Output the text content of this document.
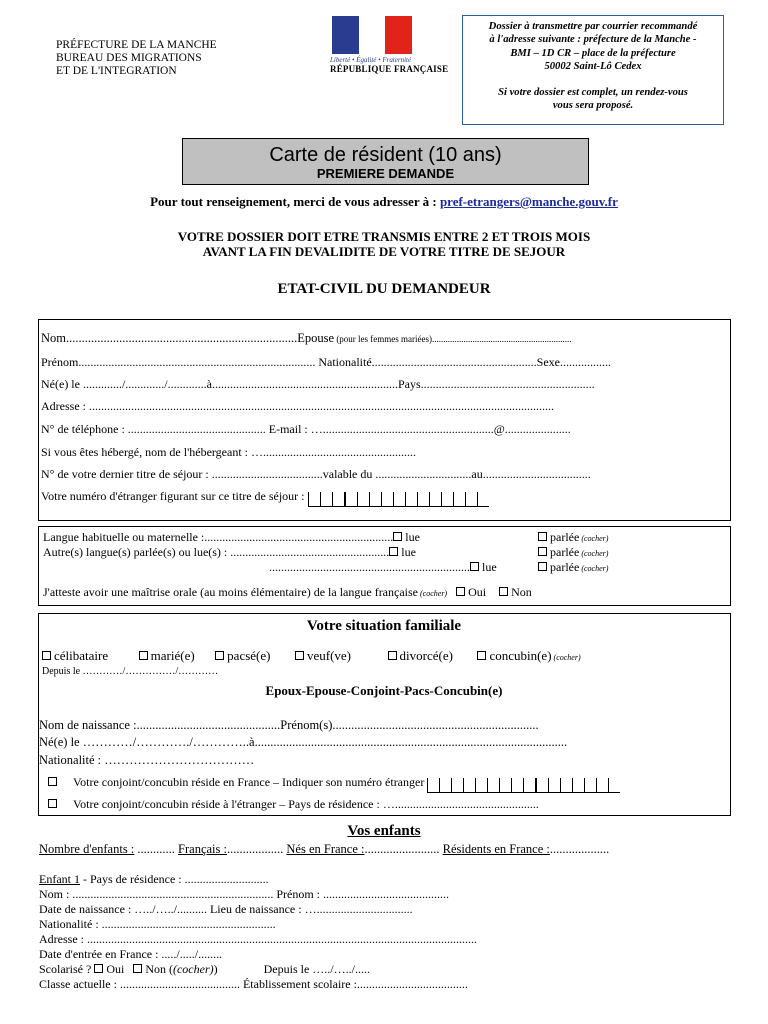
PRÉFECTURE DE LA MANCHE
BUREAU DES MIGRATIONS
ET DE L'INTEGRATION
Liberté • Égalité • Fraternité
RÉPUBLIQUE FRANÇAISE
Dossier à transmettre par courrier recommandé
à l'adresse suivante : préfecture de la Manche -
BMI – 1D CR – place de la préfecture
50002 Saint-Lô Cedex
Si votre dossier est complet, un rendez-vous
vous sera proposé.
Carte de résident (10 ans)
PREMIERE DEMANDE
Pour tout renseignement, merci de vous adresser à : pref-etrangers@manche.gouv.fr
VOTRE DOSSIER DOIT ETRE TRANSMIS ENTRE 2 ET TROIS MOIS
AVANT LA FIN DEVALIDITE DE VOTRE TITRE DE SEJOUR
ETAT-CIVIL DU DEMANDEUR
Nom..........................................................................Epouse (pour les femmes mariées)..............................................................
Prénom............................................................................... Nationalité.......................................................Sexe.................
Né(e) le ............./............./.............à..............................................................Pays..........................................................
Adresse : ...........................................................................................................................................................
N° de téléphone : .............................................. E-mail : ….........................................................@......................
Si vous êtes hébergé, nom de l'hébergeant : …...................................................
N° de votre dernier titre de séjour : .....................................valable du ................................au....................................
Votre numéro d'étranger figurant sur ce titre de séjour :
Langue habituelle ou maternelle :............................................................... lue	parlée (cocher)
Autre(s) langue(s) parlée(s) ou lue(s) : ..................................................... lue	parlée (cocher)
................................................................... lue	parlée (cocher)
J'atteste avoir une maîtrise orale (au moins élémentaire) de la langue française (cocher) Oui Non
Votre situation familiale
célibataire	marié(e)	pacsé(e)	veuf(ve)	divorcé(e)	concubin(e) (cocher)
Depuis le …………/……………/…………
Epoux-Epouse-Conjoint-Pacs-Concubin(e)
Nom de naissance :..............................................Prénom(s)..................................................................
Né(e) le …………/…………./…………..à....................................................................................................
Nationalité : ………………………………
Votre conjoint/concubin réside en France – Indiquer son numéro étranger
Votre conjoint/concubin réside à l'étranger – Pays de résidence : …................................................
Vos enfants
Nombre d'enfants : ............ Français :.................. Nés en France :........................ Résidents en France :...................
Enfant 1 - Pays de résidence : ............................
Nom : ................................................................... Prénom : ..........................................
Date de naissance : …../…../.......... Lieu de naissance : …................................
Nationalité : ..........................................................
Adresse : ..................................................................................................................................
Date d'entrée en France : ...../...../........
Scolarisé ? Oui Non ((cocher))	Depuis le …../…../.....
Classe actuelle : ........................................ Établissement scolaire :.....................................
